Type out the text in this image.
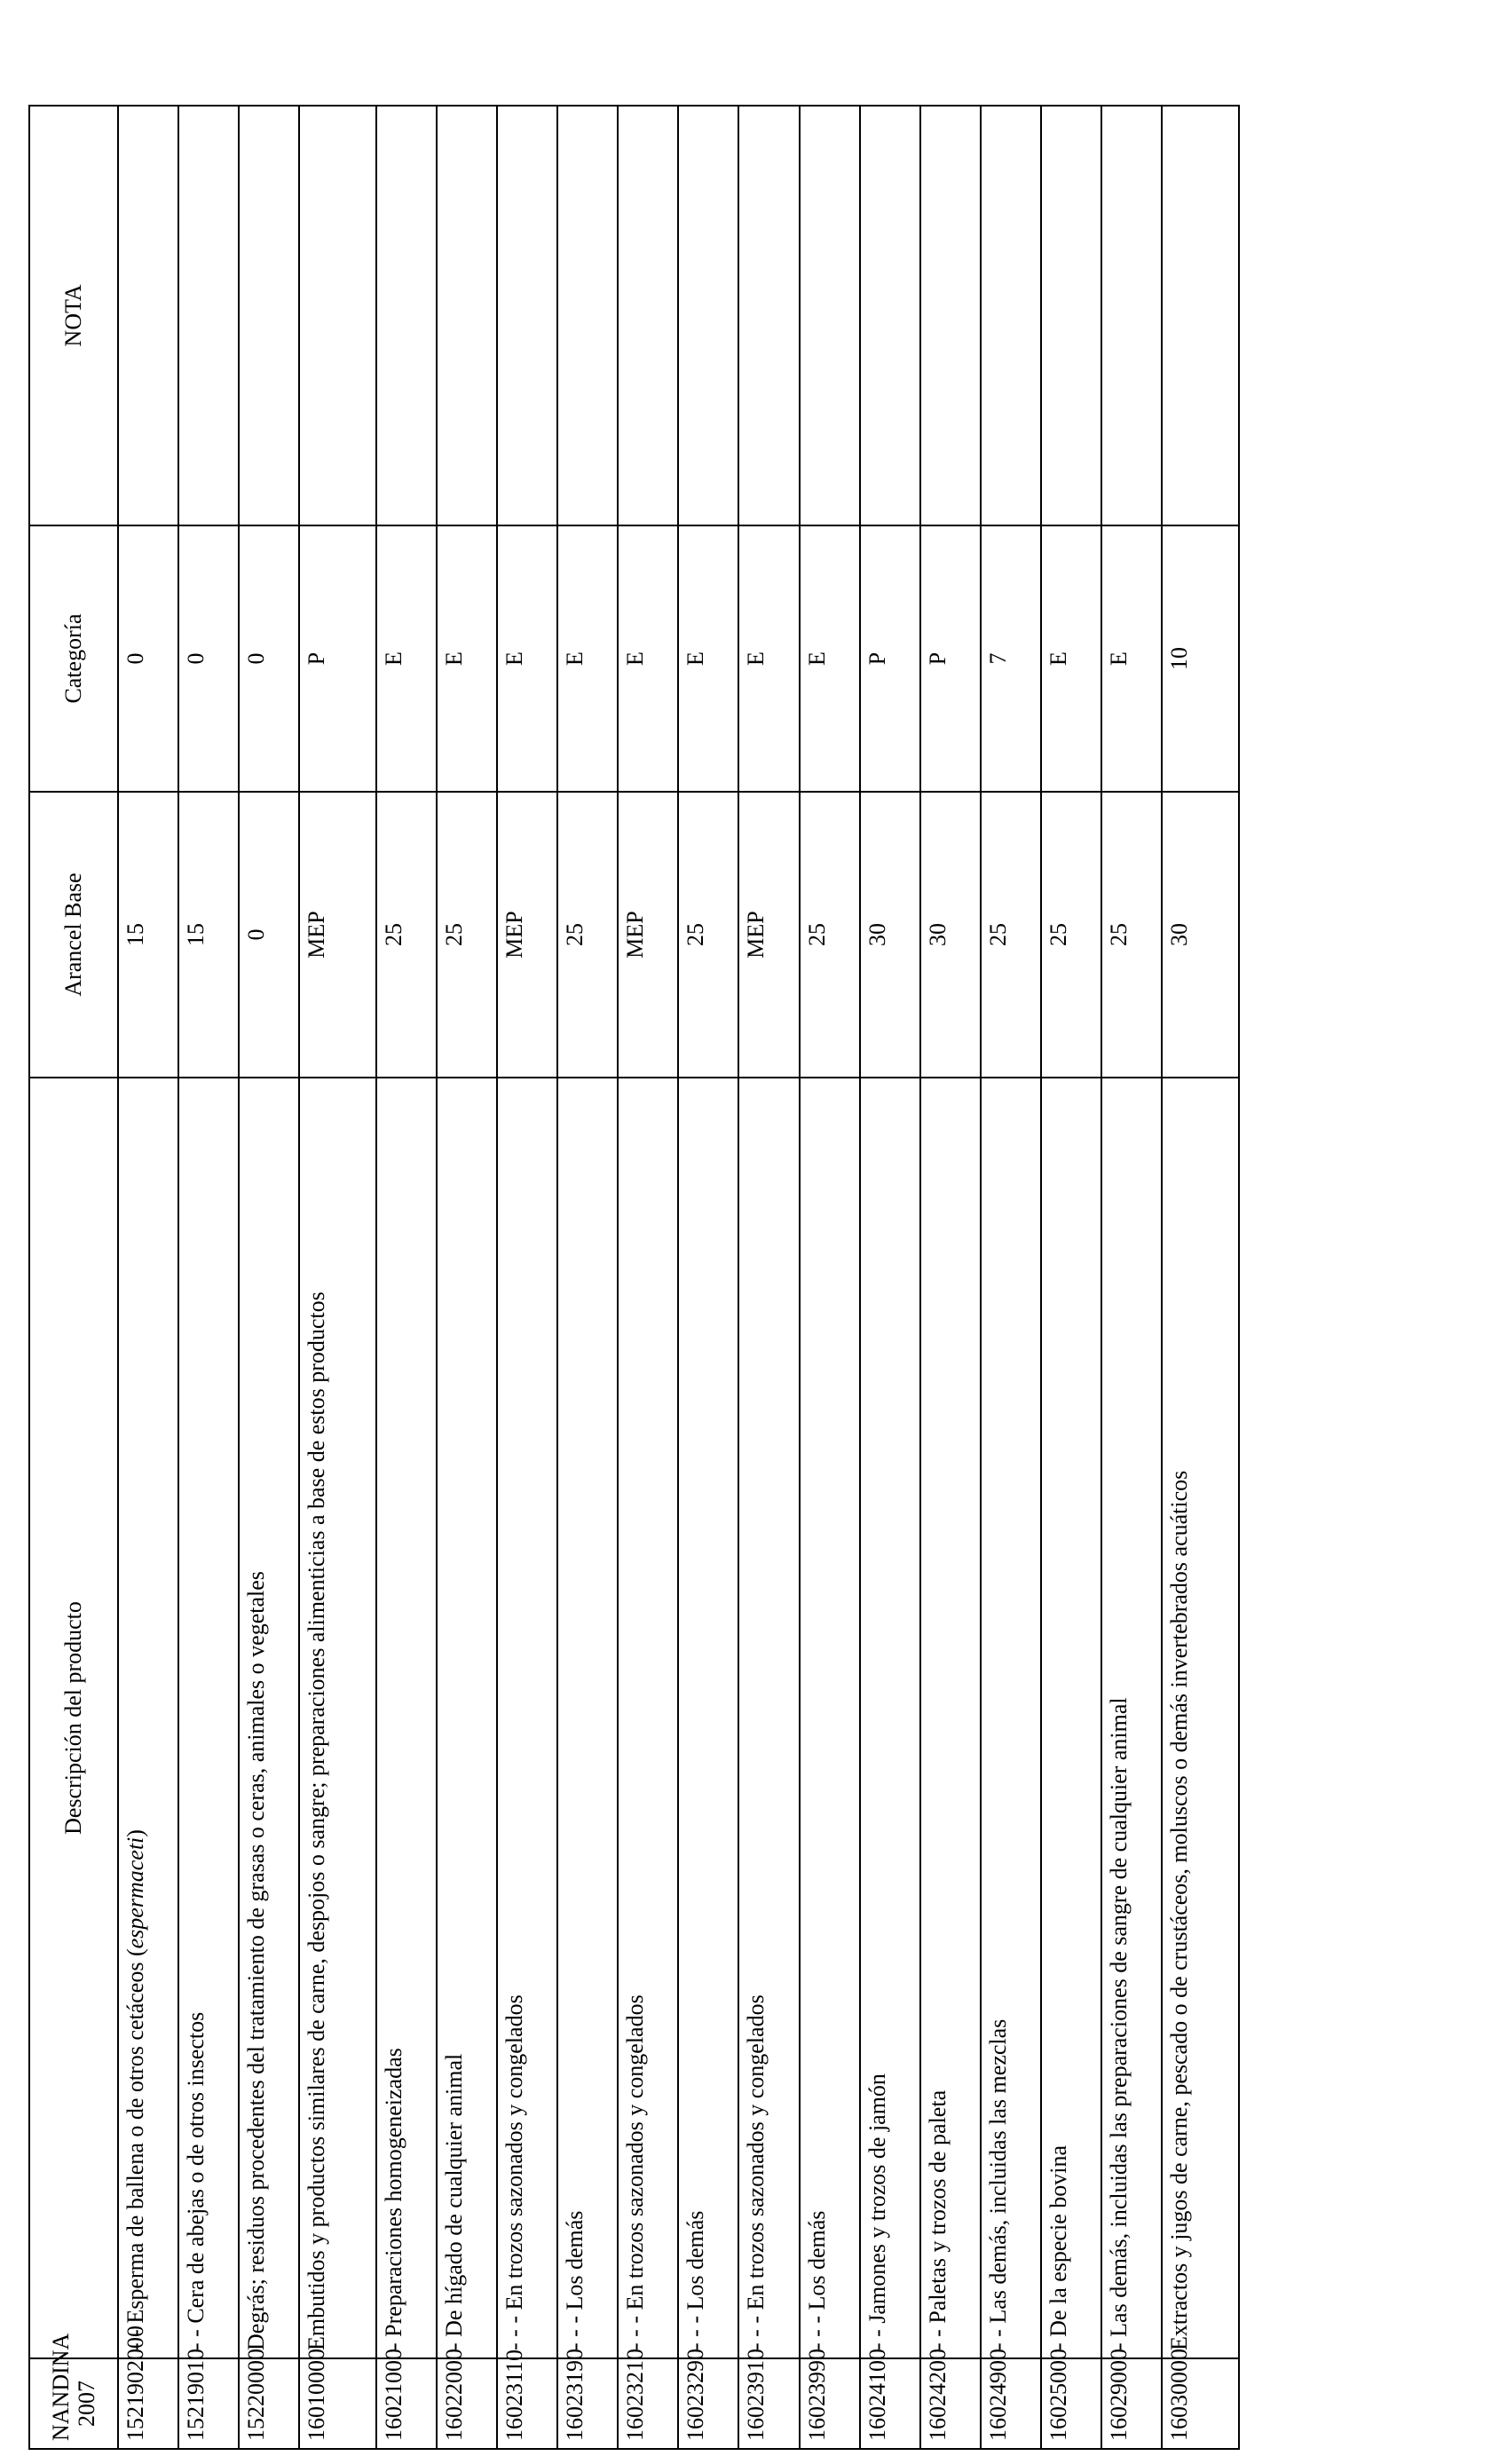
NANDINA 2007	Descripción del producto	Arancel Base	Categoría	NOTA
1521902000	- - Esperma de ballena o de otros cetáceos (espermaceti)	15	0	
15219010	- - Cera de abejas o de otros insectos	15	0	
15220000	Degrás; residuos procedentes del tratamiento de grasas o ceras, animales o vegetales	0	0	
16010000	Embutidos y productos similares de carne, despojos o sangre; preparaciones alimenticias a base de estos productos	MEP	P	
16021000	- Preparaciones homogeneizadas	25	E	
16022000	- De hígado de cualquier animal	25	E	
16023110	- - - En trozos sazonados y congelados	MEP	E	
16023190	- - - Los demás	25	E	
16023210	- - - En trozos sazonados y congelados	MEP	E	
16023290	- - - Los demás	25	E	
16023910	- - - En trozos sazonados y congelados	MEP	E	
16023990	- - - Los demás	25	E	
16024100	- - Jamones y trozos de jamón	30	P	
16024200	- - Paletas y trozos de paleta	30	P	
16024900	- - Las demás, incluidas las mezclas	25	7	
16025000	- De la especie bovina	25	E	
16029000	- Las demás, incluidas las preparaciones de sangre de cualquier animal	25	E	
16030000	Extractos y jugos de carne, pescado o de crustáceos, moluscos o demás invertebrados acuáticos	30	10	
